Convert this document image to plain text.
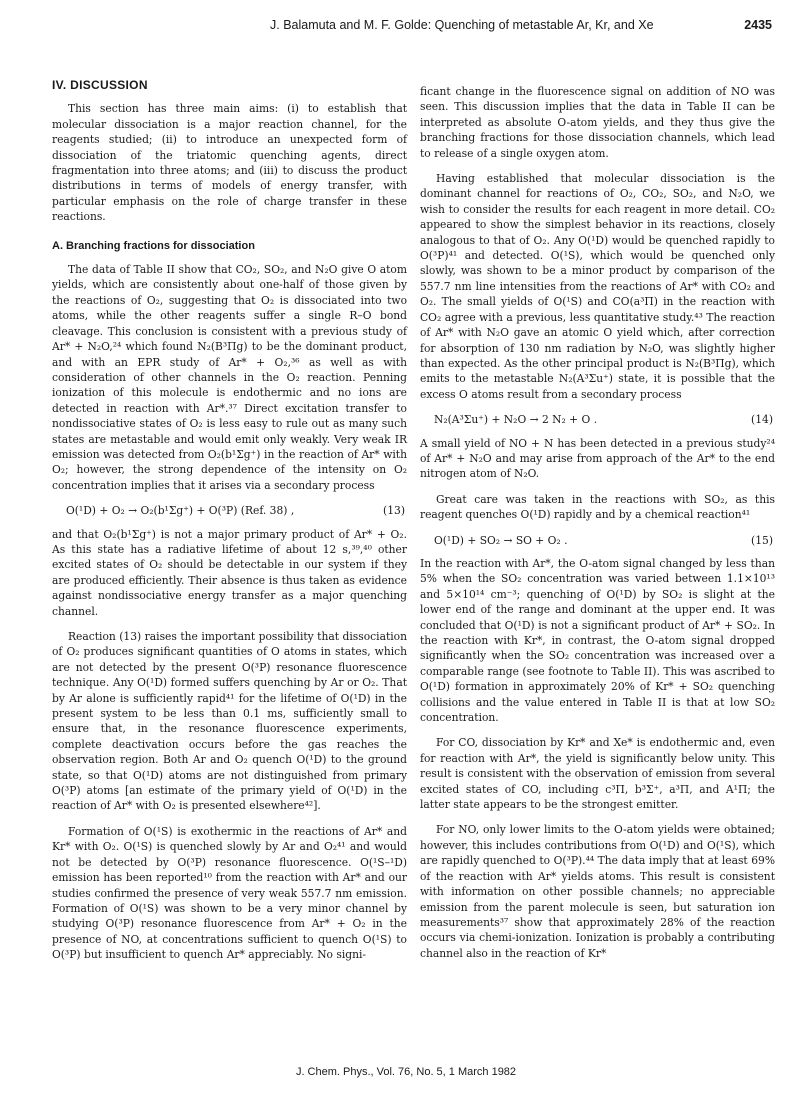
J. Balamuta and M. F. Golde: Quenching of metastable Ar, Kr, and Xe	2435
IV. DISCUSSION

This section has three main aims: (i) to establish that molecular dissociation is a major reaction channel, for the reagents studied; (ii) to introduce an unexpected form of dissociation of the triatomic quenching agents, direct fragmentation into three atoms; and (iii) to discuss the product distributions in terms of models of energy transfer, with particular emphasis on the role of charge transfer in these reactions.

A. Branching fractions for dissociation

The data of Table II show that CO₂, SO₂, and N₂O give O atom yields, which are consistently about one-half of those given by the reactions of O₂, suggesting that O₂ is dissociated into two atoms, while the other reagents suffer a single R–O bond cleavage. This conclusion is consistent with a previous study of Ar* + N₂O,²⁴ which found N₂(B³Πg) to be the dominant product, and with an EPR study of Ar* + O₂,³⁶ as well as with consideration of other channels in the O₂ reaction. Penning ionization of this molecule is endothermic and no ions are detected in reaction with Ar*.³⁷ Direct excitation transfer to nondissociative states of O₂ is less easy to rule out as many such states are metastable and would emit only weakly. Very weak IR emission was detected from O₂(b¹Σg⁺) in the reaction of Ar* with O₂; however, the strong dependence of the intensity on O₂ concentration implies that it arises via a secondary process

O(¹D) + O₂ → O₂(b¹Σg⁺) + O(³P) (Ref. 38) ,	(13)

and that O₂(b¹Σg⁺) is not a major primary product of Ar* + O₂. As this state has a radiative lifetime of about 12 s,³⁹,⁴⁰ other excited states of O₂ should be detectable in our system if they are produced efficiently. Their absence is thus taken as evidence against nondissociative energy transfer as a major quenching channel.

Reaction (13) raises the important possibility that dissociation of O₂ produces significant quantities of O atoms in states, which are not detected by the present O(³P) resonance fluorescence technique. Any O(¹D) formed suffers quenching by Ar or O₂. That by Ar alone is sufficiently rapid⁴¹ for the lifetime of O(¹D) in the present system to be less than 0.1 ms, sufficiently small to ensure that, in the resonance fluorescence experiments, complete deactivation occurs before the gas reaches the observation region. Both Ar and O₂ quench O(¹D) to the ground state, so that O(¹D) atoms are not distinguished from primary O(³P) atoms [an estimate of the primary yield of O(¹D) in the reaction of Ar* with O₂ is presented elsewhere⁴²].

Formation of O(¹S) is exothermic in the reactions of Ar* and Kr* with O₂. O(¹S) is quenched slowly by Ar and O₂⁴¹ and would not be detected by O(³P) resonance fluorescence. O(¹S–¹D) emission has been reported¹⁰ from the reaction with Ar* and our studies confirmed the presence of very weak 557.7 nm emission. Formation of O(¹S) was shown to be a very minor channel by studying O(³P) resonance fluorescence from Ar* + O₂ in the presence of NO, at concentrations sufficient to quench O(¹S) to O(³P) but insufficient to quench Ar* appreciably. No signi-

ficant change in the fluorescence signal on addition of NO was seen. This discussion implies that the data in Table II can be interpreted as absolute O-atom yields, and they thus give the branching fractions for those dissociation channels, which lead to release of a single oxygen atom.

Having established that molecular dissociation is the dominant channel for reactions of O₂, CO₂, SO₂, and N₂O, we wish to consider the results for each reagent in more detail. CO₂ appeared to show the simplest behavior in its reactions, closely analogous to that of O₂. Any O(¹D) would be quenched rapidly to O(³P)⁴¹ and detected. O(¹S), which would be quenched only slowly, was shown to be a minor product by comparison of the 557.7 nm line intensities from the reactions of Ar* with CO₂ and O₂. The small yields of O(¹S) and CO(a³Π) in the reaction with CO₂ agree with a previous, less quantitative study.⁴³ The reaction of Ar* with N₂O gave an atomic O yield which, after correction for absorption of 130 nm radiation by N₂O, was slightly higher than expected. As the other principal product is N₂(B³Πg), which emits to the metastable N₂(A³Σu⁺) state, it is possible that the excess O atoms result from a secondary process

N₂(A³Σu⁺) + N₂O → 2 N₂ + O .	(14)

A small yield of NO + N has been detected in a previous study²⁴ of Ar* + N₂O and may arise from approach of the Ar* to the end nitrogen atom of N₂O.

Great care was taken in the reactions with SO₂, as this reagent quenches O(¹D) rapidly and by a chemical reaction⁴¹

O(¹D) + SO₂ → SO + O₂ .	(15)

In the reaction with Ar*, the O-atom signal changed by less than 5% when the SO₂ concentration was varied between 1.1×10¹³ and 5×10¹⁴ cm⁻³; quenching of O(¹D) by SO₂ is slight at the lower end of the range and dominant at the upper end. It was concluded that O(¹D) is not a significant product of Ar* + SO₂. In the reaction with Kr*, in contrast, the O-atom signal dropped significantly when the SO₂ concentration was increased over a comparable range (see footnote to Table II). This was ascribed to O(¹D) formation in approximately 20% of Kr* + SO₂ quenching collisions and the value entered in Table II is that at low SO₂ concentration.

For CO, dissociation by Kr* and Xe* is endothermic and, even for reaction with Ar*, the yield is significantly below unity. This result is consistent with the observation of emission from several excited states of CO, including c³Π, b³Σ⁺, a³Π, and A¹Π; the latter state appears to be the strongest emitter.

For NO, only lower limits to the O-atom yields were obtained; however, this includes contributions from O(¹D) and O(¹S), which are rapidly quenched to O(³P).⁴⁴ The data imply that at least 69% of the reaction with Ar* yields atoms. This result is consistent with information on other possible channels; no appreciable emission from the parent molecule is seen, but saturation ion measurements³⁷ show that approximately 28% of the reaction occurs via chemi-ionization. Ionization is probably a contributing channel also in the reaction of Kr*

J. Chem. Phys., Vol. 76, No. 5, 1 March 1982
